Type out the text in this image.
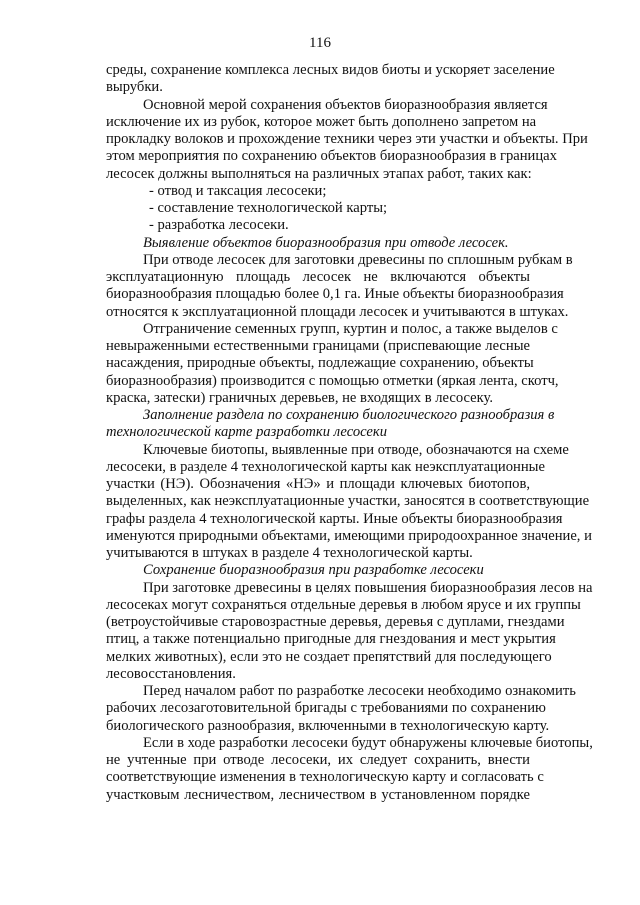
116
среды, сохранение комплекса лесных видов биоты и ускоряет заселение
вырубки.
Основной мерой сохранения объектов биоразнообразия является
исключение их из рубок, которое может быть дополнено запретом на
прокладку волоков и прохождение техники через эти участки и объекты. При
этом мероприятия по сохранению объектов биоразнообразия в границах
лесосек должны выполняться на различных этапах работ, таких как:
- отвод и таксация лесосеки;
- составление технологической карты;
- разработка лесосеки.
Выявление объектов биоразнообразия при отводе лесосек.
При отводе лесосек для заготовки древесины по сплошным рубкам в
эксплуатационную площадь лесосек не включаются объекты
биоразнообразия площадью более 0,1 га. Иные объекты биоразнообразия
относятся к эксплуатационной площади лесосек и учитываются в штуках.
Отграничение семенных групп, куртин и полос, а также выделов с
невыраженными естественными границами (приспевающие лесные
насаждения, природные объекты, подлежащие сохранению, объекты
биоразнообразия) производится с помощью отметки (яркая лента, скотч,
краска, затески) граничных деревьев, не входящих в лесосеку.
Заполнение раздела по сохранению биологического разнообразия в
технологической карте разработки лесосеки
Ключевые биотопы, выявленные при отводе, обозначаются на схеме
лесосеки, в разделе 4 технологической карты как неэксплуатационные
участки (НЭ). Обозначения «НЭ» и площади ключевых биотопов,
выделенных, как неэксплуатационные участки, заносятся в соответствующие
графы раздела 4 технологической карты. Иные объекты биоразнообразия
именуются природными объектами, имеющими природоохранное значение, и
учитываются в штуках в разделе 4 технологической карты.
Сохранение биоразнообразия при разработке лесосеки
При заготовке древесины в целях повышения биоразнообразия лесов на
лесосеках могут сохраняться отдельные деревья в любом ярусе и их группы
(ветроустойчивые старовозрастные деревья, деревья с дуплами, гнездами
птиц, а также потенциально пригодные для гнездования и мест укрытия
мелких животных), если это не создает препятствий для последующего
лесовосстановления.
Перед началом работ по разработке лесосеки необходимо ознакомить
рабочих лесозаготовительной бригады с требованиями по сохранению
биологического разнообразия, включенными в технологическую карту.
Если в ходе разработки лесосеки будут обнаружены ключевые биотопы,
не учтенные при отводе лесосеки, их следует сохранить, внести
соответствующие изменения в технологическую карту и согласовать с
участковым лесничеством, лесничеством в установленном порядке
